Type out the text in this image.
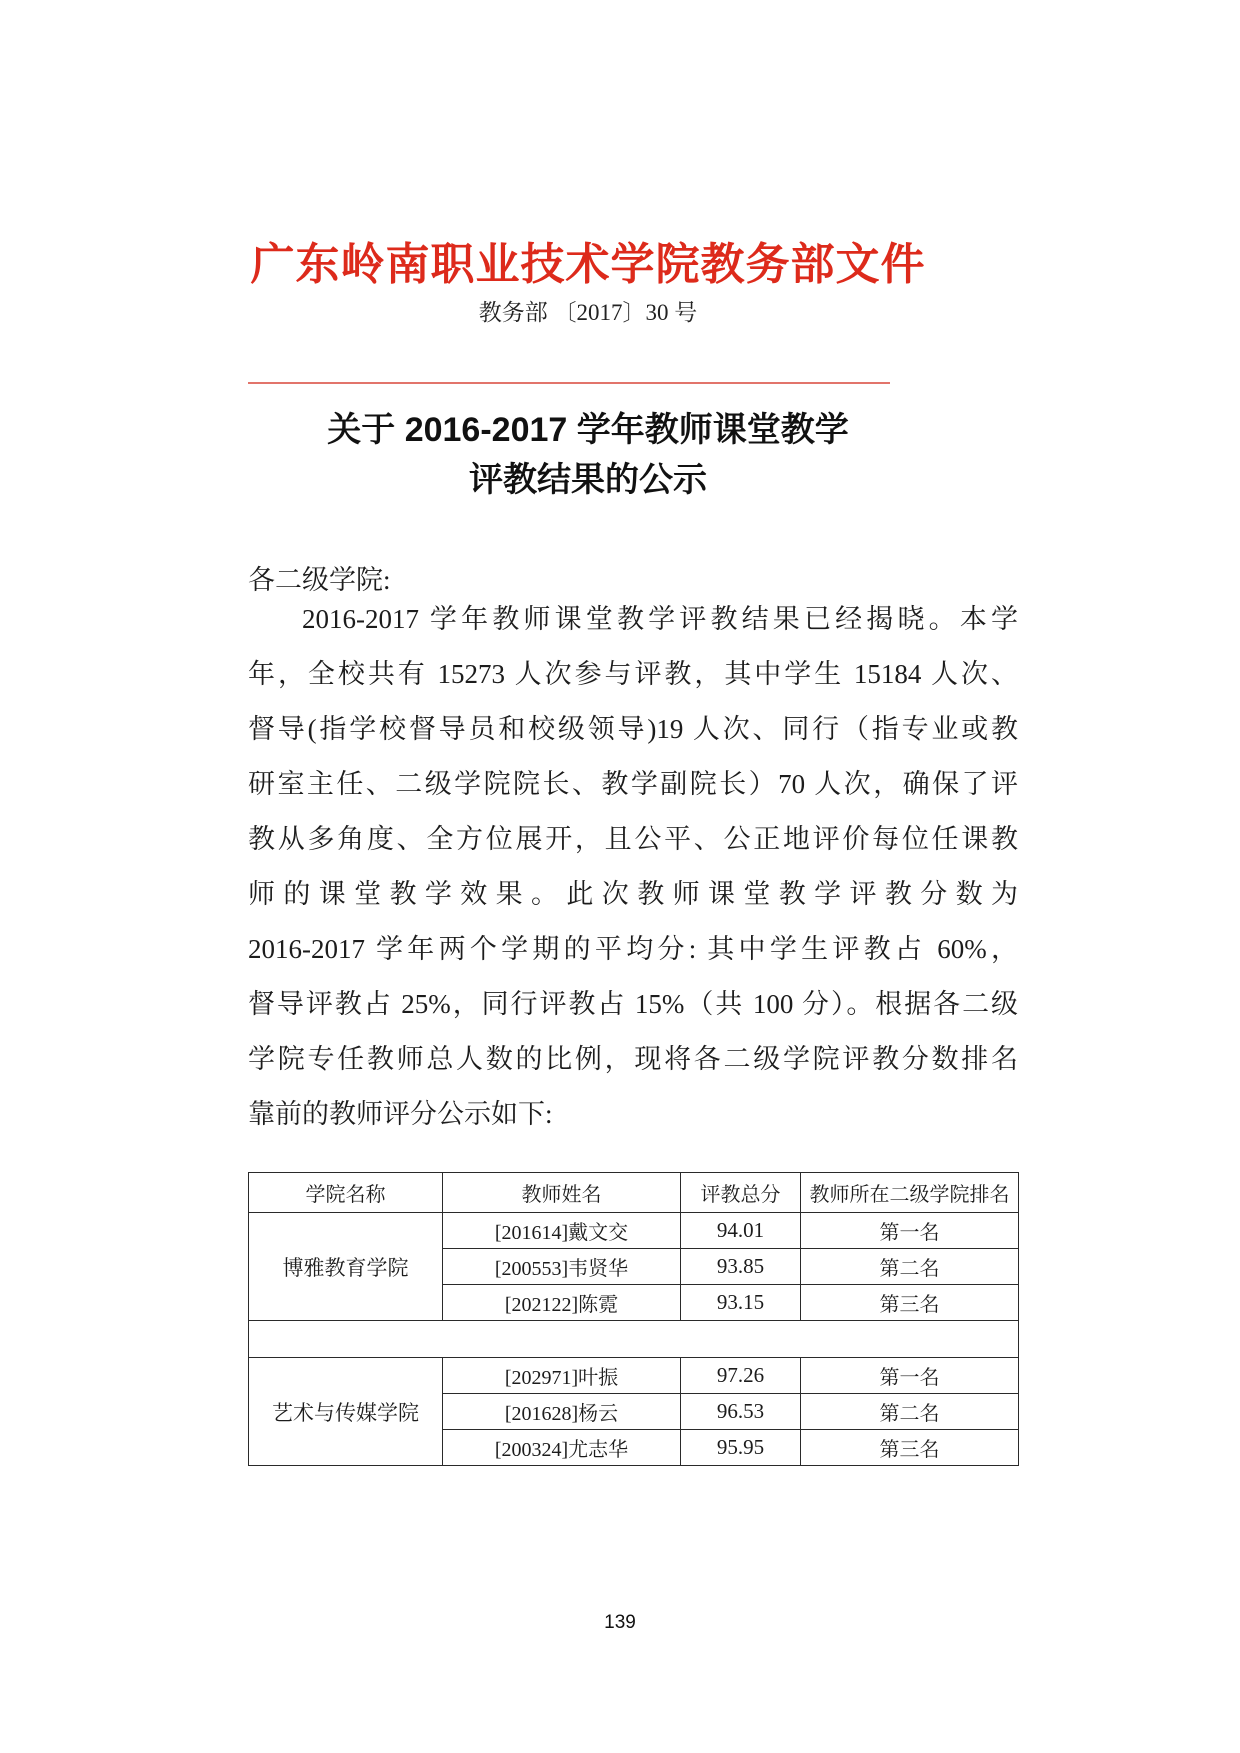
广东岭南职业技术学院教务部文件
教务部 〔2017〕30 号
关于 2016-2017 学年教师课堂教学
评教结果的公示
各二级学院:
2016-2017 学年教师课堂教学评教结果已经揭晓。本学
年，全校共有 15273 人次参与评教，其中学生 15184 人次、
督导(指学校督导员和校级领导)19 人次、同行（指专业或教
研室主任、二级学院院长、教学副院长）70 人次，确保了评
教从多角度、全方位展开，且公平、公正地评价每位任课教
师的课堂教学效果。此次教师课堂教学评教分数为
2016-2017 学年两个学期的平均分: 其中学生评教占 60%，
督导评教占 25%，同行评教占 15%（共 100 分）。根据各二级
学院专任教师总人数的比例，现将各二级学院评教分数排名
靠前的教师评分公示如下:
学院名称	教师姓名	评教总分	教师所在二级学院排名
博雅教育学院	[201614]戴文交	94.01	第一名
	[200553]韦贤华	93.85	第二名
	[202122]陈霓	93.15	第三名

艺术与传媒学院	[202971]叶振	97.26	第一名
	[201628]杨云	96.53	第二名
	[200324]尤志华	95.95	第三名
139
